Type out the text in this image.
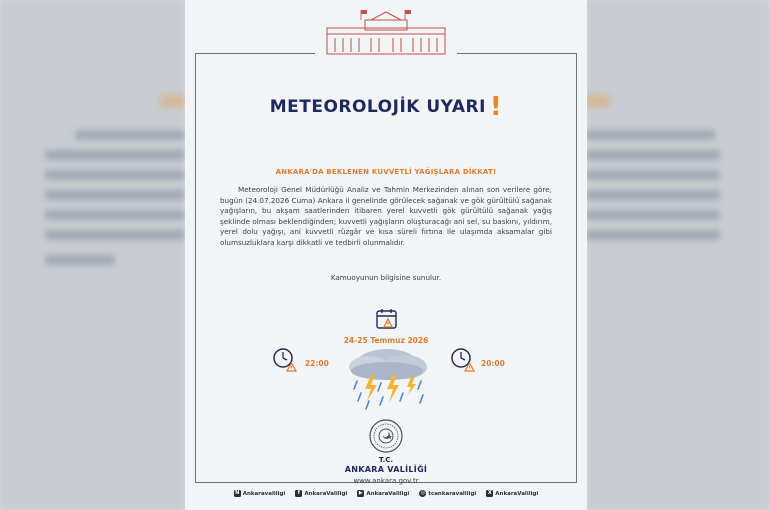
METEOROLOJİK UYARI !
ANKARA'DA BEKLENEN KUVVETLİ YAĞIŞLARA DİKKAT!
Meteoroloji Genel Müdürlüğü Analiz ve Tahmin Merkezinden alınan son verilere göre; bugün (24.07.2026 Cuma) Ankara il genelinde görülecek sağanak ve gök gürültülü sağanak yağışların, bu akşam saatlerinden itibaren yerel kuvvetli gök gürültülü sağanak yağış şeklinde olması beklendiğinden; kuvvetli yağışların oluşturacağı ani sel, su baskını, yıldırım, yerel dolu yağışı, ani kuvvetli rüzgâr ve kısa süreli fırtına ile ulaşımda aksamalar gibi olumsuzluklara karşı dikkatli ve tedbirli olunmalıdır.
Kamuoyunun bilgisine sunulur.
24-25 Temmuz 2026
22:00	20:00
T.C.
ANKARA VALİLİĞİ
www.ankara.gov.tr
N Ankaravaliligi	f AnkaraValiligi	▶ AnkaraValiligi ◎ tcankaravaliligi	X AnkaraValiligi
